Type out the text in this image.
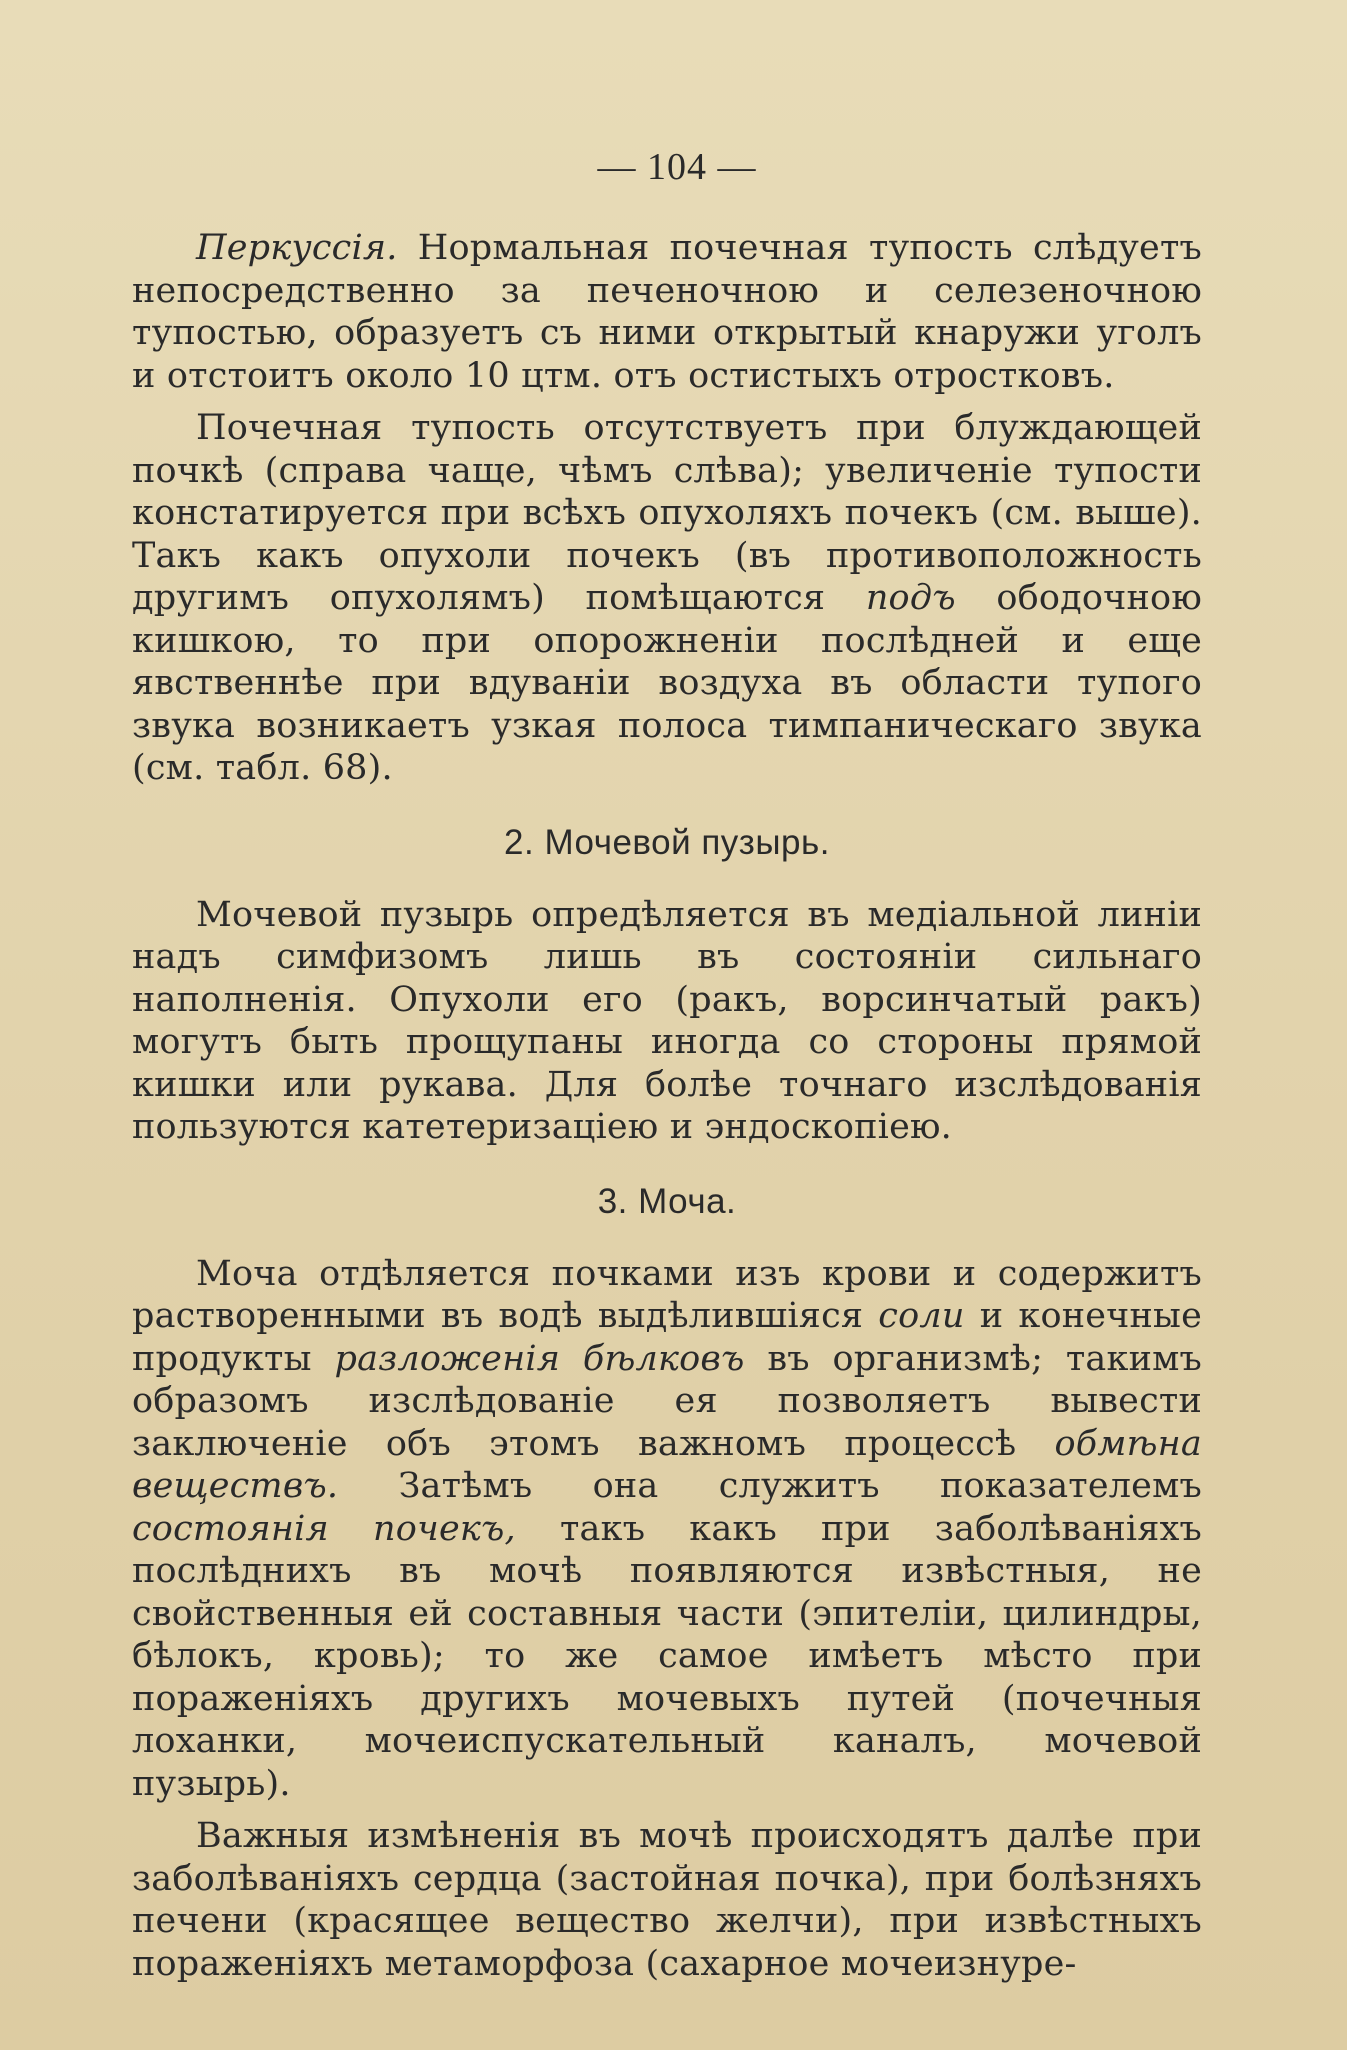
— 104 —

Перкуссія. Нормальная почечная тупость слѣдуетъ непосредственно за печеночною и селезеночною тупостью, образуетъ съ ними открытый кнаружи уголъ и отстоитъ около 10 цтм. отъ остистыхъ отростковъ.

Почечная тупость отсутствуетъ при блуждающей почкѣ (справа чаще, чѣмъ слѣва); увеличеніе тупости констатируется при всѣхъ опухоляхъ почекъ (см. выше). Такъ какъ опухоли почекъ (въ противоположность другимъ опухолямъ) помѣщаются подъ ободочною кишкою, то при опорожненіи послѣдней и еще явственнѣе при вдуваніи воздуха въ области тупого звука возникаетъ узкая полоса тимпаническаго звука (см. табл. 68).

2. Мочевой пузырь.

Мочевой пузырь опредѣляется въ медіальной линіи надъ симфизомъ лишь въ состояніи сильнаго наполненія. Опухоли его (ракъ, ворсинчатый ракъ) могутъ быть прощупаны иногда со стороны прямой кишки или рукава. Для болѣе точнаго изслѣдованія пользуются катетеризаціею и эндоскопіею.

3. Моча.

Моча отдѣляется почками изъ крови и содержитъ растворенными въ водѣ выдѣлившіяся соли и конечные продукты разложенія бѣлковъ въ организмѣ; такимъ образомъ изслѣдованіе ея позволяетъ вывести заключеніе объ этомъ важномъ процессѣ обмѣна веществъ. Затѣмъ она служитъ показателемъ состоянія почекъ, такъ какъ при заболѣваніяхъ послѣднихъ въ мочѣ появляются извѣстныя, не свойственныя ей составныя части (эпителіи, цилиндры, бѣлокъ, кровь); то же самое имѣетъ мѣсто при пораженіяхъ другихъ мочевыхъ путей (почечныя лоханки, мочеиспускательный каналъ, мочевой пузырь).

Важныя измѣненія въ мочѣ происходятъ далѣе при заболѣваніяхъ сердца (застойная почка), при болѣзняхъ печени (красящее вещество желчи), при извѣстныхъ пораженіяхъ метаморфоза (сахарное мочеизнуре-
